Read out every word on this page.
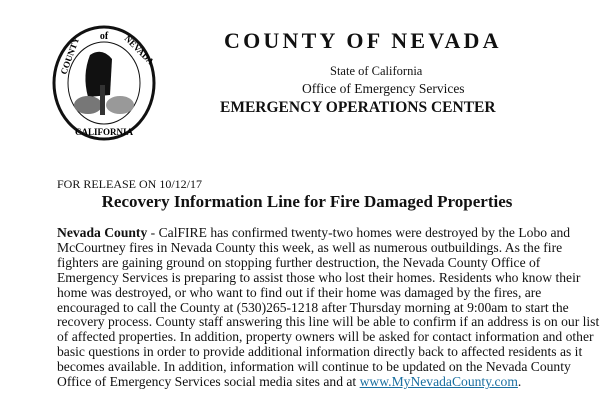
of
COUNTY	NEVADA
CALIFORNIA
COUNTY OF NEVADA
State of California
Office of Emergency Services
EMERGENCY OPERATIONS CENTER
FOR RELEASE ON 10/12/17
Recovery Information Line for Fire Damaged Properties
Nevada County - CalFIRE has confirmed twenty-two homes were destroyed by the Lobo and
McCourtney fires in Nevada County this week, as well as numerous outbuildings. As the fire
fighters are gaining ground on stopping further destruction, the Nevada County Office of
Emergency Services is preparing to assist those who lost their homes. Residents who know their
home was destroyed, or who want to find out if their home was damaged by the fires, are
encouraged to call the County at (530)265-1218 after Thursday morning at 9:00am to start the
recovery process. County staff answering this line will be able to confirm if an address is on our list
of affected properties. In addition, property owners will be asked for contact information and other
basic questions in order to provide additional information directly back to affected residents as it
becomes available. In addition, information will continue to be updated on the Nevada County
Office of Emergency Services social media sites and at www.MyNevadaCounty.com.
